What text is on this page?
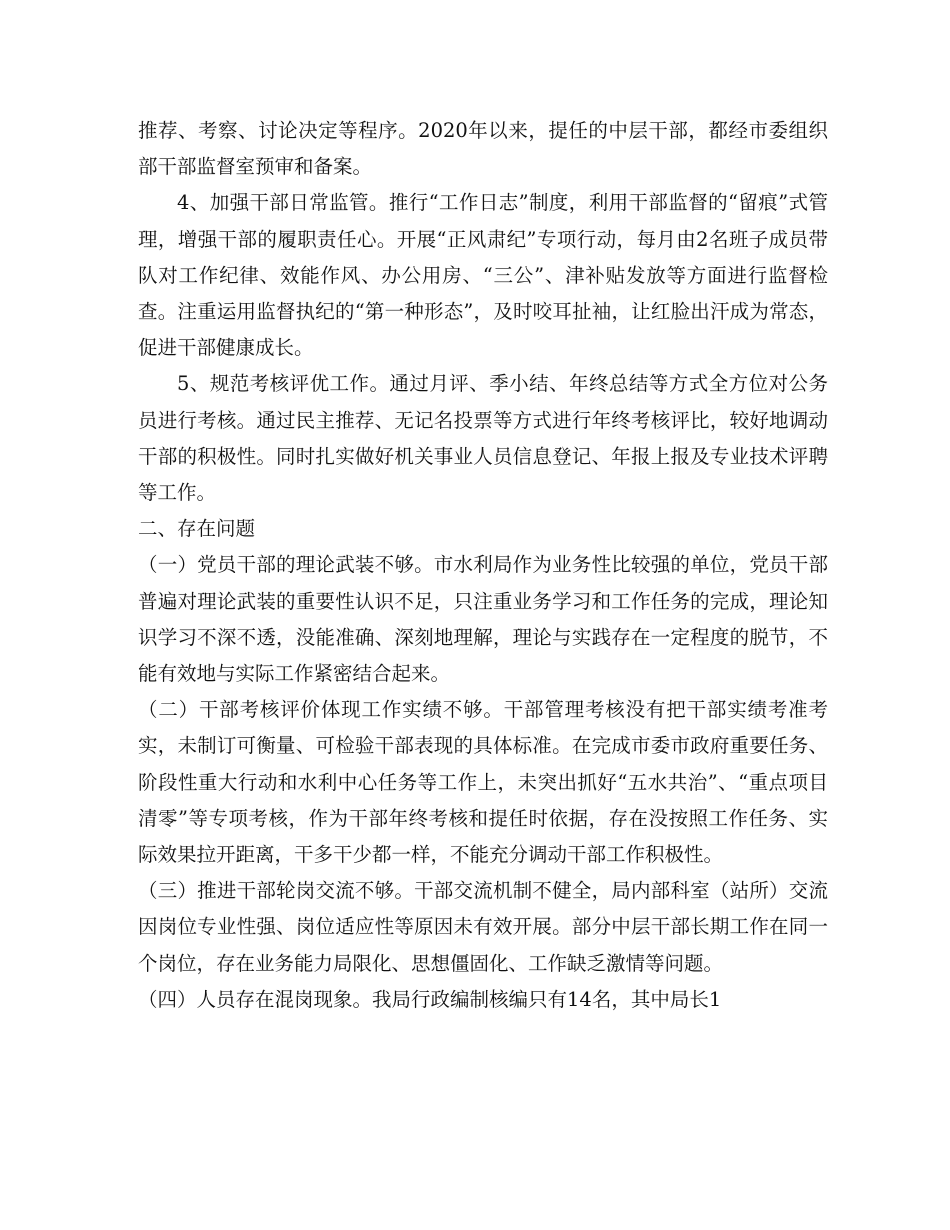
推荐、考察、讨论决定等程序。2020年以来，提任的中层干部，都经市委组织部干部监督室预审和备案。

4、加强干部日常监管。推行“工作日志”制度，利用干部监督的“留痕”式管理，增强干部的履职责任心。开展“正风肃纪”专项行动，每月由2名班子成员带队对工作纪律、效能作风、办公用房、“三公”、津补贴发放等方面进行监督检查。注重运用监督执纪的“第一种形态”，及时咬耳扯袖，让红脸出汗成为常态，促进干部健康成长。

5、规范考核评优工作。通过月评、季小结、年终总结等方式全方位对公务员进行考核。通过民主推荐、无记名投票等方式进行年终考核评比，较好地调动干部的积极性。同时扎实做好机关事业人员信息登记、年报上报及专业技术评聘等工作。

二、存在问题

（一）党员干部的理论武装不够。市水利局作为业务性比较强的单位，党员干部普遍对理论武装的重要性认识不足，只注重业务学习和工作任务的完成，理论知识学习不深不透，没能准确、深刻地理解，理论与实践存在一定程度的脱节，不能有效地与实际工作紧密结合起来。

（二）干部考核评价体现工作实绩不够。干部管理考核没有把干部实绩考准考实，未制订可衡量、可检验干部表现的具体标准。在完成市委市政府重要任务、阶段性重大行动和水利中心任务等工作上，未突出抓好“五水共治”、“重点项目清零”等专项考核，作为干部年终考核和提任时依据，存在没按照工作任务、实际效果拉开距离，干多干少都一样，不能充分调动干部工作积极性。

（三）推进干部轮岗交流不够。干部交流机制不健全，局内部科室（站所）交流因岗位专业性强、岗位适应性等原因未有效开展。部分中层干部长期工作在同一个岗位，存在业务能力局限化、思想僵固化、工作缺乏激情等问题。

（四）人员存在混岗现象。我局行政编制核编只有14名，其中局长1
